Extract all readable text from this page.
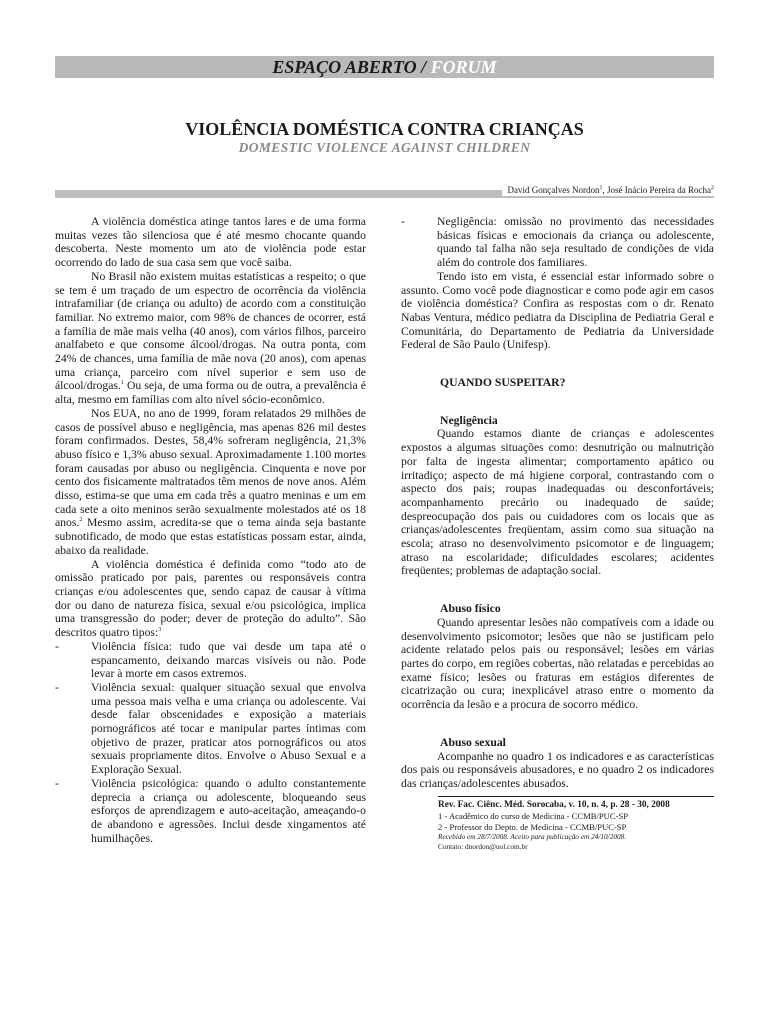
ESPAÇO ABERTO / FORUM
VIOLÊNCIA DOMÉSTICA CONTRA CRIANÇAS
DOMESTIC VIOLENCE AGAINST CHILDREN
David Gonçalves Nordon$^1$, José Inácio Pereira da Rocha$^2$

A violência doméstica atinge tantos lares e de uma forma muitas vezes tão silenciosa que é até mesmo chocante quando descoberta. Neste momento um ato de violência pode estar ocorrendo do lado de sua casa sem que você saiba.

No Brasil não existem muitas estatísticas a respeito; o que se tem é um traçado de um espectro de ocorrência da violência intrafamiliar (de criança ou adulto) de acordo com a constituição familiar. No extremo maior, com 98% de chances de ocorrer, está a família de mãe mais velha (40 anos), com vários filhos, parceiro analfabeto e que consome álcool/drogas. Na outra ponta, com 24% de chances, uma família de mãe nova (20 anos), com apenas uma criança, parceiro com nível superior e sem uso de álcool/drogas.$^1$ Ou seja, de uma forma ou de outra, a prevalência é alta, mesmo em famílias com alto nível sócio-econômico.

Nos EUA, no ano de 1999, foram relatados 29 milhões de casos de possível abuso e negligência, mas apenas 826 mil destes foram confirmados. Destes, 58,4% sofreram negligência, 21,3% abuso físico e 1,3% abuso sexual. Aproximadamente 1.100 mortes foram causadas por abuso ou negligência. Cinquenta e nove por cento dos fisicamente maltratados têm menos de nove anos. Além disso, estima-se que uma em cada três a quatro meninas e um em cada sete a oito meninos serão sexualmente molestados até os 18 anos.$^2$ Mesmo assim, acredita-se que o tema ainda seja bastante subnotificado, de modo que estas estatísticas possam estar, ainda, abaixo da realidade.

A violência doméstica é definida como “todo ato de omissão praticado por pais, parentes ou responsáveis contra crianças e/ou adolescentes que, sendo capaz de causar à vítima dor ou dano de natureza física, sexual e/ou psicológica, implica uma transgressão do poder; dever de proteção do adulto”. São descritos quatro tipos:$^3$

-	Violência física: tudo que vai desde um tapa até o espancamento, deixando marcas visíveis ou não. Pode levar à morte em casos extremos.

-	Violência sexual: qualquer situação sexual que envolva uma pessoa mais velha e uma criança ou adolescente. Vai desde falar obscenidades e exposição a materiais pornográficos até tocar e manipular partes íntimas com objetivo de prazer, praticar atos pornográficos ou atos sexuais propriamente ditos. Envolve o Abuso Sexual e a Exploração Sexual.

-	Violência psicológica: quando o adulto constantemente deprecia a criança ou adolescente, bloqueando seus esforços de aprendizagem e auto-aceitação, ameaçando-o de abandono e agressões. Inclui desde xingamentos até humilhações.

-	Negligência: omissão no provimento das necessidades básicas físicas e emocionais da criança ou adolescente, quando tal falha não seja resultado de condições de vida além do controle dos familiares.

Tendo isto em vista, é essencial estar informado sobre o assunto. Como você pode diagnosticar e como pode agir em casos de violência doméstica? Confira as respostas com o dr. Renato Nabas Ventura, médico pediatra da Disciplina de Pediatria Geral e Comunitária, do Departamento de Pediatria da Universidade Federal de São Paulo (Unifesp).

QUANDO SUSPEITAR?
Negligência

Quando estamos diante de crianças e adolescentes expostos a algumas situações como: desnutrição ou malnutrição por falta de ingesta alimentar; comportamento apático ou irritadiço; aspecto de má higiene corporal, contrastando com o aspecto dos pais; roupas inadequadas ou desconfortáveis; acompanhamento precário ou inadequado de saúde; despreocupação dos pais ou cuidadores com os locais que as crianças/adolescentes freqüentam, assim como sua situação na escola; atraso no desenvolvimento psicomotor e de linguagem; atraso na escolaridade; dificuldades escolares; acidentes freqüentes; problemas de adaptação social.

Abuso físico

Quando apresentar lesões não compatíveis com a idade ou desenvolvimento psicomotor; lesões que não se justificam pelo acidente relatado pelos pais ou responsável; lesões em várias partes do corpo, em regiões cobertas, não relatadas e percebidas ao exame físico; lesões ou fraturas em estágios diferentes de cicatrização ou cura; inexplicável atraso entre o momento da ocorrência da lesão e a procura de socorro médico.

Abuso sexual

Acompanhe no quadro 1 os indicadores e as características dos pais ou responsáveis abusadores, e no quadro 2 os indicadores das crianças/adolescentes abusados.

Rev. Fac. Ciênc. Méd. Sorocaba, v. 10, n. 4, p. 28 - 30, 2008
1 - Acadêmico do curso de Medicina - CCMB/PUC-SP
2 - Professor do Depto. de Medicina - CCMB/PUC-SP
Recebido em 28/7/2008. Aceito para publicação em 24/10/2008.
Contato: dnordon@uol.com.br
